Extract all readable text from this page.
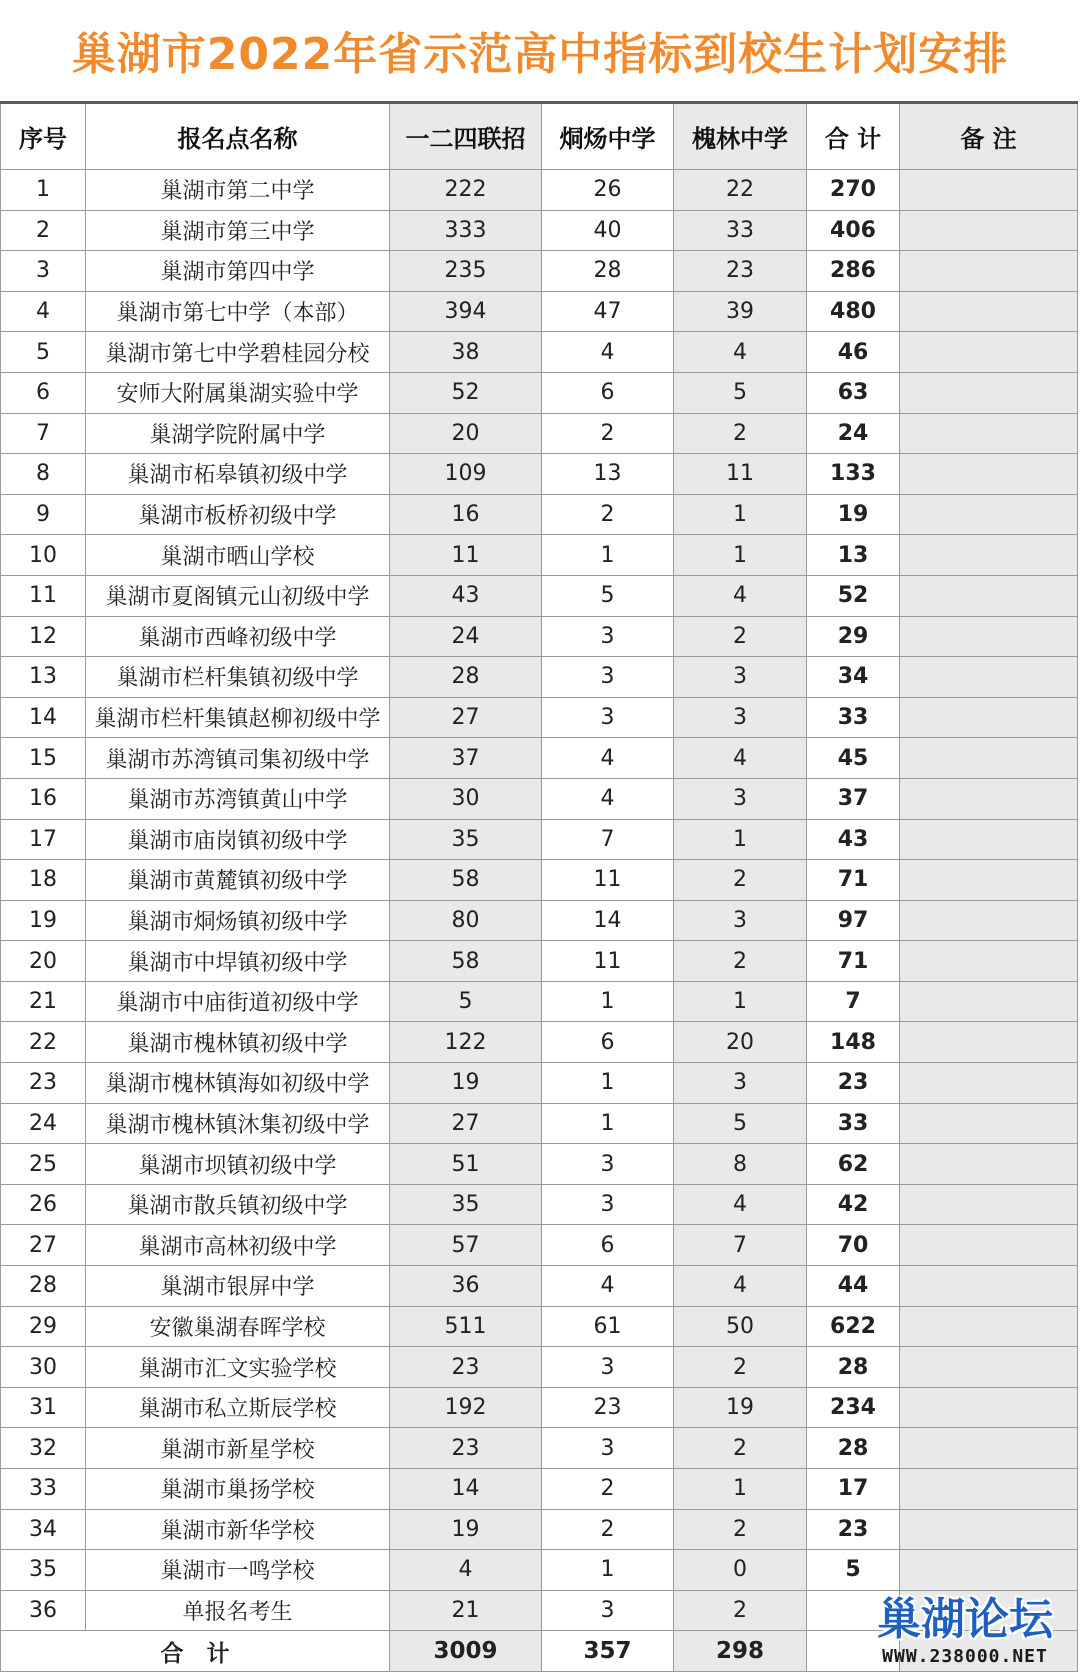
巢湖市2022年省示范高中指标到校生计划安排
序号	报名点名称	一二四联招	烔炀中学	槐林中学	合 计	备 注
1	巢湖市第二中学	222	26	22	270	
2	巢湖市第三中学	333	40	33	406	
3	巢湖市第四中学	235	28	23	286	
4	巢湖市第七中学（本部）	394	47	39	480	
5	巢湖市第七中学碧桂园分校	38	4	4	46	
6	安师大附属巢湖实验中学	52	6	5	63	
7	巢湖学院附属中学	20	2	2	24	
8	巢湖市柘皋镇初级中学	109	13	11	133	
9	巢湖市板桥初级中学	16	2	1	19	
10	巢湖市晒山学校	11	1	1	13	
11	巢湖市夏阁镇元山初级中学	43	5	4	52	
12	巢湖市西峰初级中学	24	3	2	29	
13	巢湖市栏杆集镇初级中学	28	3	3	34	
14	巢湖市栏杆集镇赵柳初级中学	27	3	3	33	
15	巢湖市苏湾镇司集初级中学	37	4	4	45	
16	巢湖市苏湾镇黄山中学	30	4	3	37	
17	巢湖市庙岗镇初级中学	35	7	1	43	
18	巢湖市黄麓镇初级中学	58	11	2	71	
19	巢湖市烔炀镇初级中学	80	14	3	97	
20	巢湖市中垾镇初级中学	58	11	2	71	
21	巢湖市中庙街道初级中学	5	1	1	7	
22	巢湖市槐林镇初级中学	122	6	20	148	
23	巢湖市槐林镇海如初级中学	19	1	3	23	
24	巢湖市槐林镇沐集初级中学	27	1	5	33	
25	巢湖市坝镇初级中学	51	3	8	62	
26	巢湖市散兵镇初级中学	35	3	4	42	
27	巢湖市高林初级中学	57	6	7	70	
28	巢湖市银屏中学	36	4	4	44	
29	安徽巢湖春晖学校	511	61	50	622	
30	巢湖市汇文实验学校	23	3	2	28	
31	巢湖市私立斯辰学校	192	23	19	234	
32	巢湖市新星学校	23	3	2	28	
33	巢湖市巢扬学校	14	2	1	17	
34	巢湖市新华学校	19	2	2	23	
35	巢湖市一鸣学校	4	1	0	5	
36	单报名考生	21	3	2		
合　计		3009	357	298		
巢湖论坛
WWW.238000.NET
